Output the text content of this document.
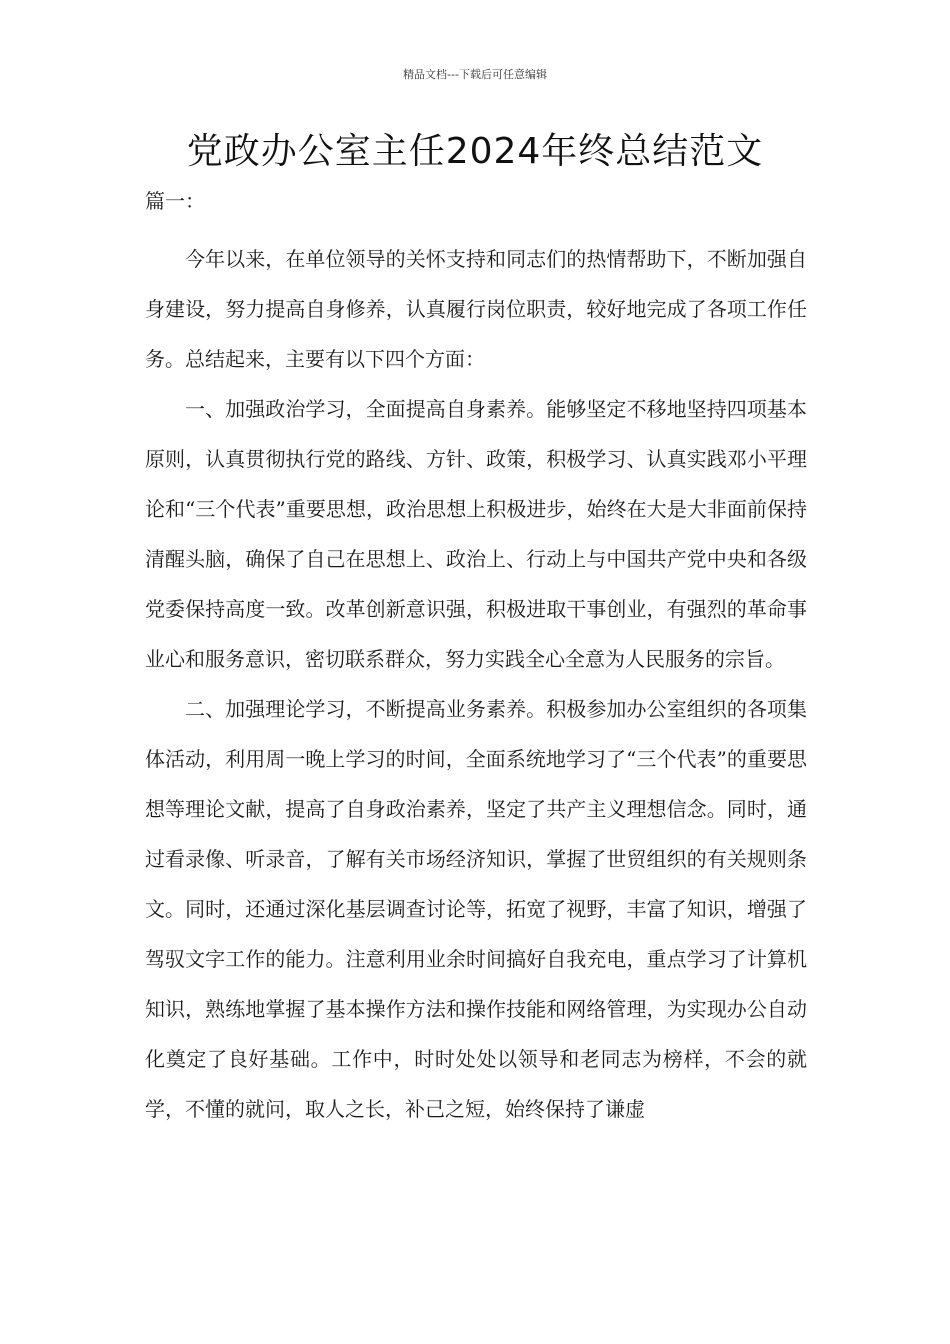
精品文档---下载后可任意编辑
党政办公室主任2024年终总结范文

篇一：

今年以来，在单位领导的关怀支持和同志们的热情帮助下，不断加强自身建设，努力提高自身修养，认真履行岗位职责，较好地完成了各项工作任务。总结起来，主要有以下四个方面：

一、加强政治学习，全面提高自身素养。能够坚定不移地坚持四项基本原则，认真贯彻执行党的路线、方针、政策，积极学习、认真实践邓小平理论和“三个代表”重要思想，政治思想上积极进步，始终在大是大非面前保持清醒头脑，确保了自己在思想上、政治上、行动上与中国共产党中央和各级党委保持高度一致。改革创新意识强，积极进取干事创业，有强烈的革命事业心和服务意识，密切联系群众，努力实践全心全意为人民服务的宗旨。

二、加强理论学习，不断提高业务素养。积极参加办公室组织的各项集体活动，利用周一晚上学习的时间，全面系统地学习了“三个代表”的重要思想等理论文献，提高了自身政治素养，坚定了共产主义理想信念。同时，通过看录像、听录音，了解有关市场经济知识，掌握了世贸组织的有关规则条文。同时，还通过深化基层调查讨论等，拓宽了视野，丰富了知识，增强了驾驭文字工作的能力。注意利用业余时间搞好自我充电，重点学习了计算机知识，熟练地掌握了基本操作方法和操作技能和网络管理，为实现办公自动化奠定了良好基础。工作中，时时处处以领导和老同志为榜样，不会的就学，不懂的就问，取人之长，补己之短，始终保持了谦虚
